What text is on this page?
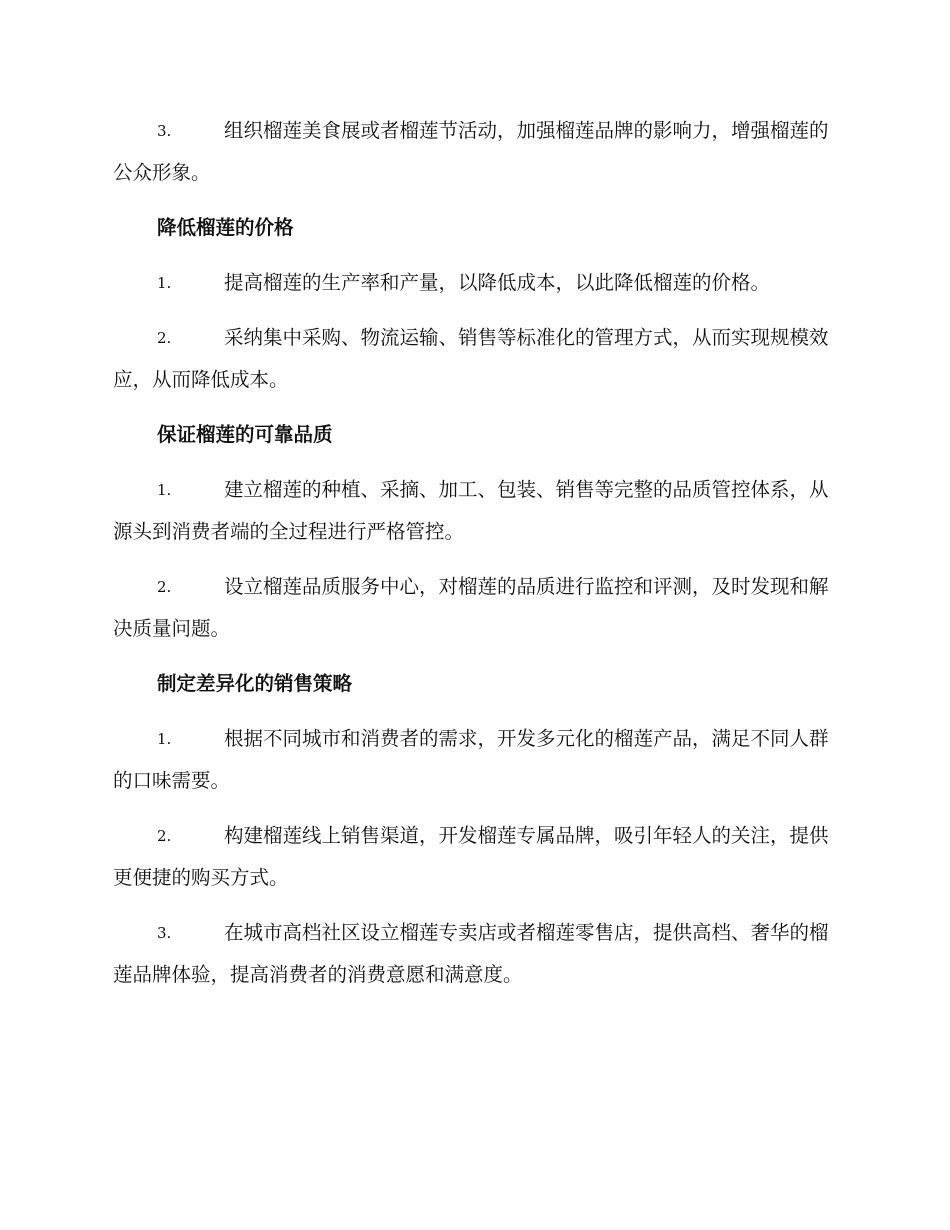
3.	组织榴莲美食展或者榴莲节活动，加强榴莲品牌的影响力，增强榴莲的公众形象。
降低榴莲的价格
1.	提高榴莲的生产率和产量，以降低成本，以此降低榴莲的价格。
2.	采纳集中采购、物流运输、销售等标准化的管理方式，从而实现规模效应，从而降低成本。
保证榴莲的可靠品质
1.	建立榴莲的种植、采摘、加工、包装、销售等完整的品质管控体系，从源头到消费者端的全过程进行严格管控。
2.	设立榴莲品质服务中心，对榴莲的品质进行监控和评测，及时发现和解决质量问题。
制定差异化的销售策略
1.	根据不同城市和消费者的需求，开发多元化的榴莲产品，满足不同人群的口味需要。
2.	构建榴莲线上销售渠道，开发榴莲专属品牌，吸引年轻人的关注，提供更便捷的购买方式。
3.	在城市高档社区设立榴莲专卖店或者榴莲零售店，提供高档、奢华的榴莲品牌体验，提高消费者的消费意愿和满意度。
